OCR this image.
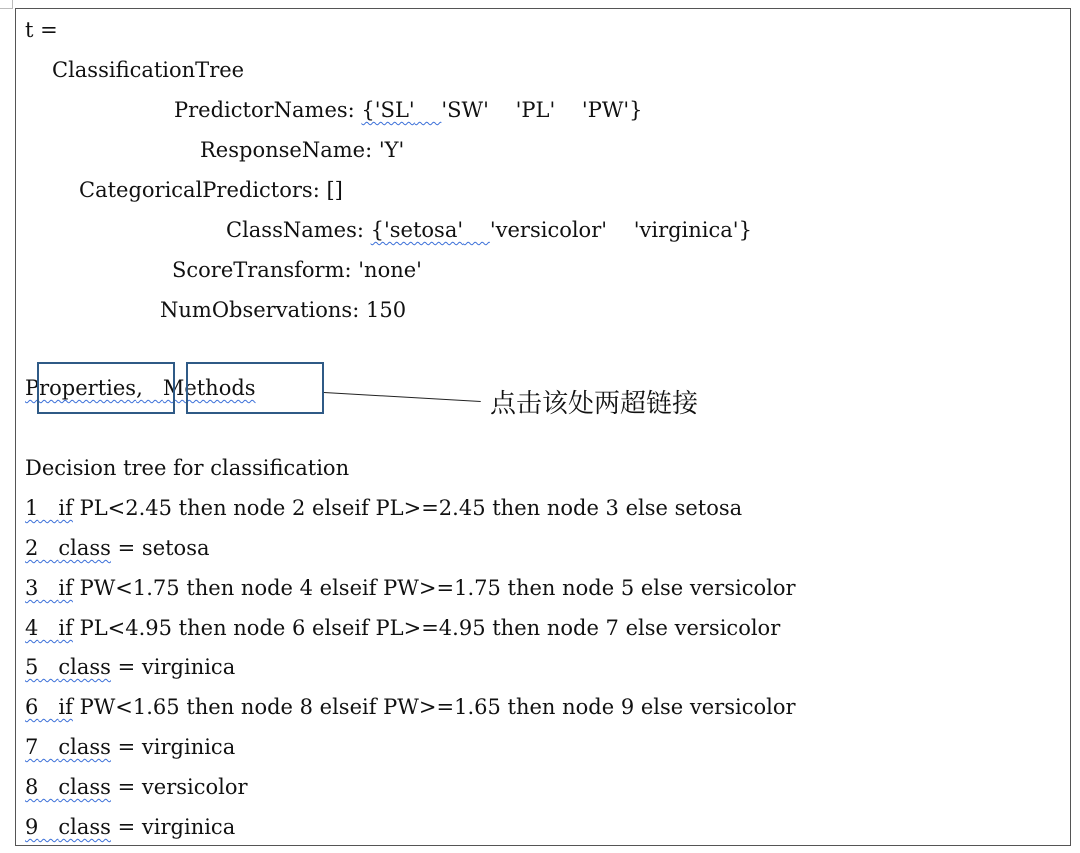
t =
ClassificationTree
PredictorNames: {'SL' 'SW'    'PL'    'PW'}
ResponseName: 'Y'
CategoricalPredictors: []
ClassNames: {'setosa' 'versicolor'    'virginica'}
ScoreTransform: 'none'
NumObservations: 150
Properties, Methods
点击该处两超链接
Decision tree for classification
1 if PL<2.45 then node 2 elseif PL>=2.45 then node 3 else setosa
2 class = setosa
3 if PW<1.75 then node 4 elseif PW>=1.75 then node 5 else versicolor
4 if PL<4.95 then node 6 elseif PL>=4.95 then node 7 else versicolor
5 class = virginica
6 if PW<1.65 then node 8 elseif PW>=1.65 then node 9 else versicolor
7 class = virginica
8 class = versicolor
9 class = virginica
